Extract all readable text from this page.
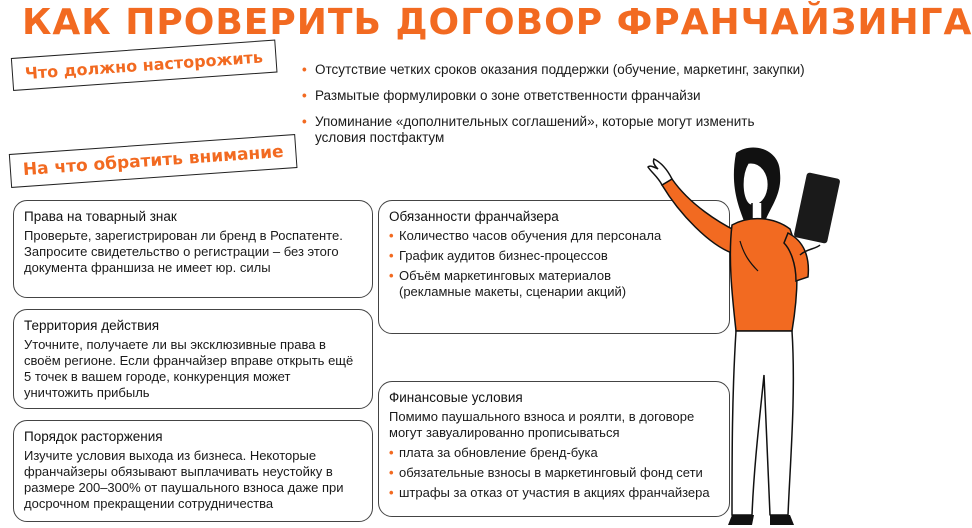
КАК ПРОВЕРИТЬ ДОГОВОР ФРАНЧАЙЗИНГА
Что должно насторожить	• Отсутствие четких сроков оказания поддержки (обучение, маркетинг, закупки)
• Размытые формулировки о зоне ответственности франчайзи
• Упоминание «дополнительных соглашений», которые могут изменить условия постфактум
На что обратить внимание
Права на товарный знак

Проверьте, зарегистрирован ли бренд в Роспатенте. Запросите свидетельство о регистрации – без этого документа франшиза не имеет юр. силы

Территория действия

Уточните, получаете ли вы эксклюзивные права в своём регионе. Если франчайзер вправе открыть ещё 5 точек в вашем городе, конкуренция может уничтожить прибыль

Порядок расторжения

Изучите условия выхода из бизнеса. Некоторые франчайзеры обязывают выплачивать неустойку в размере 200–300% от паушального взноса даже при досрочном прекращении сотрудничества

Обязанности франчайзера
• Количество часов обучения для персонала
• График аудитов бизнес-процессов
• Объём маркетинговых материалов (рекламные макеты, сценарии акций)
Финансовые условия

Помимо паушального взноса и роялти, в договоре могут завуалированно прописываться

• плата за обновление бренд-бука
• обязательные взносы в маркетинговый фонд сети
• штрафы за отказ от участия в акциях франчайзера
